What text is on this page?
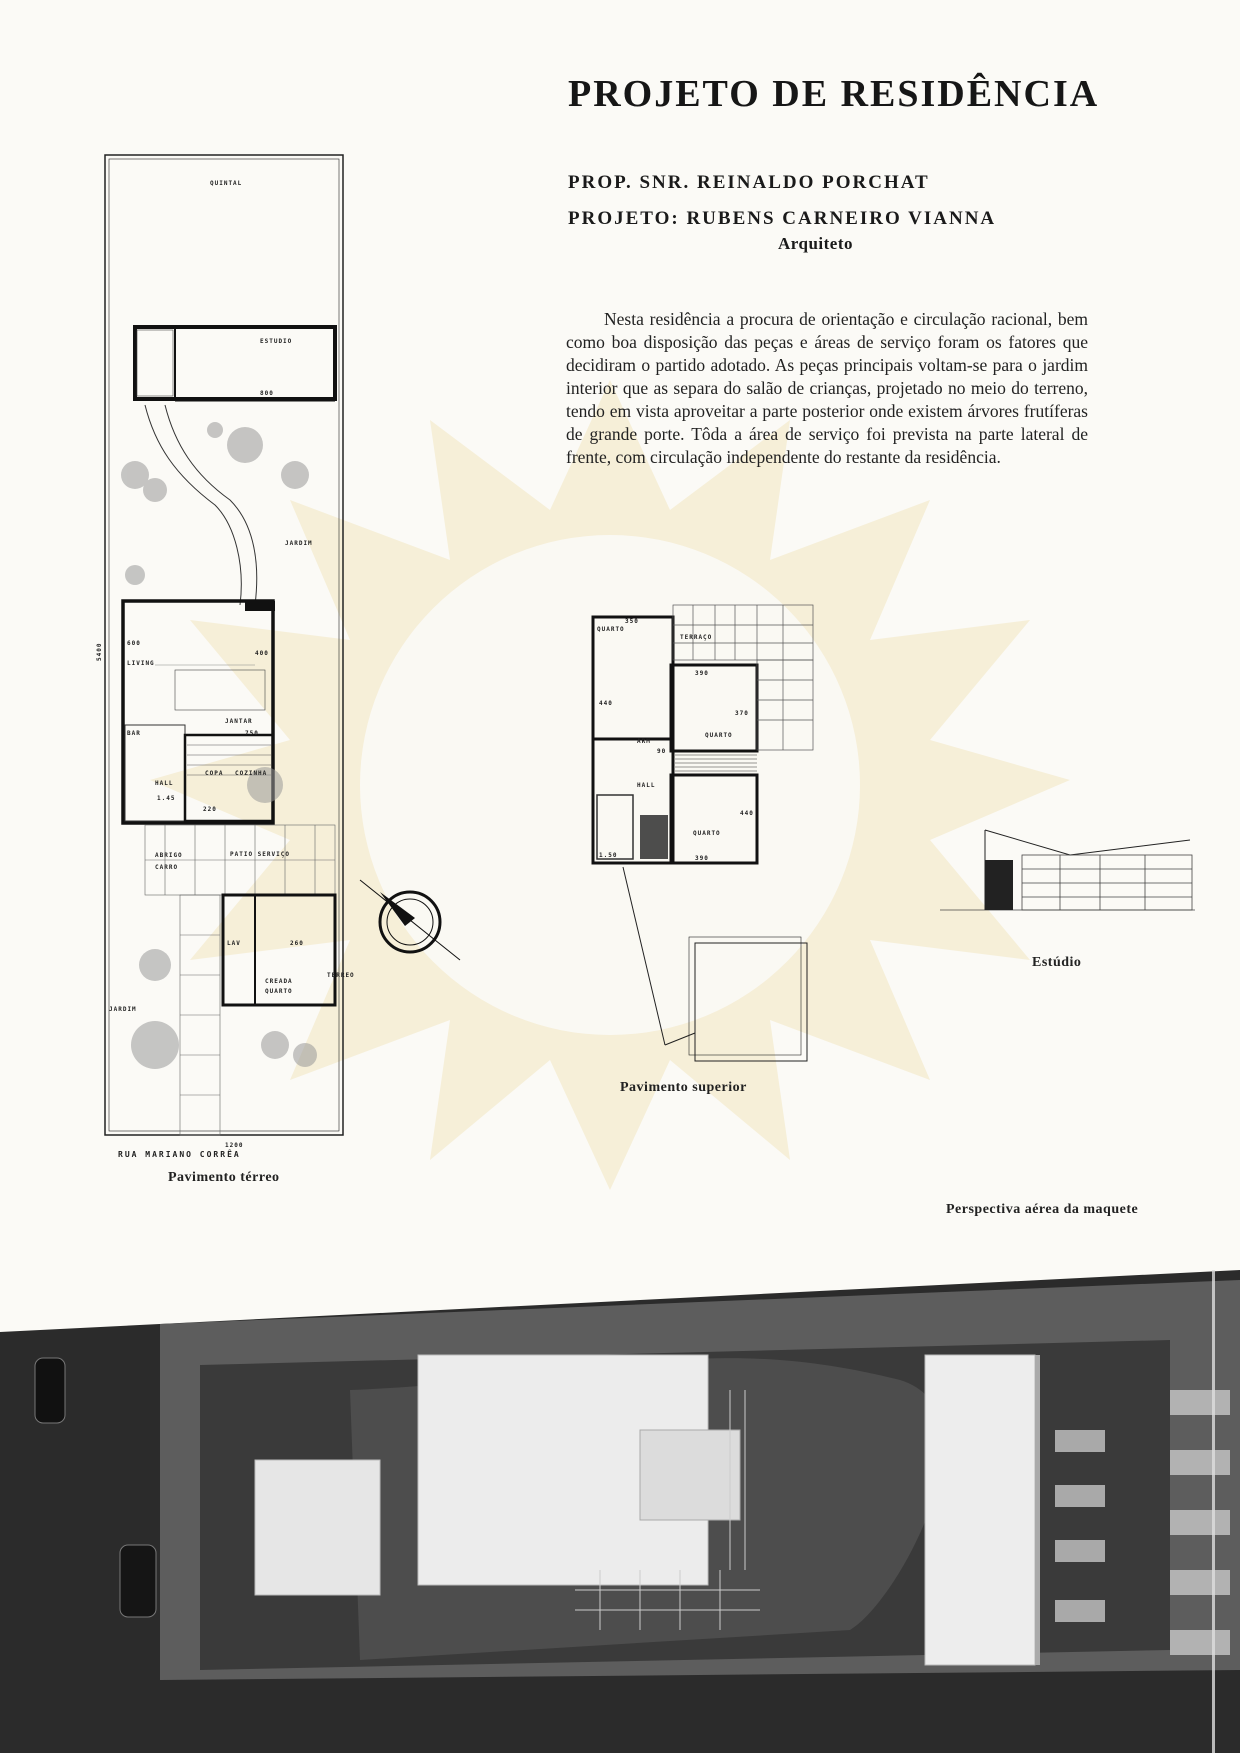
PROJETO DE RESIDÊNCIA
PROP. SNR. REINALDO PORCHAT
PROJETO: RUBENS CARNEIRO VIANNA
Arquiteto
Nesta residência a procura de orientação e circulação racional, bem como boa disposição das peças e áreas de serviço foram os fatores que decidiram o partido adotado. As peças principais voltam-se para o jardim interior que as separa do salão de crianças, projetado no meio do terreno, tendo em vista aproveitar a parte posterior onde existem árvores frutíferas de grande porte. Tôda a área de serviço foi prevista na parte lateral de frente, com circulação independente do restante da residência.
QUINTAL
ESTUDIO
800
JARDIM
LIVING
600
JANTAR
400
750
BAR
HALL
1.45
COPA
220
COZINHA
ABRIGO
CARRO
PATIO SERVIÇO
LAV	260
CREADA
QUARTO
JARDIM
TERREO
1200
5400
RUA MARIANO CORRÊA
Pavimento térreo
QUARTO
350
TERRAÇO
390
370
QUARTO
440
ARM
90
HALL
440
QUARTO
390
1.50
Pavimento superior
Estúdio
Perspectiva aérea da maquete
